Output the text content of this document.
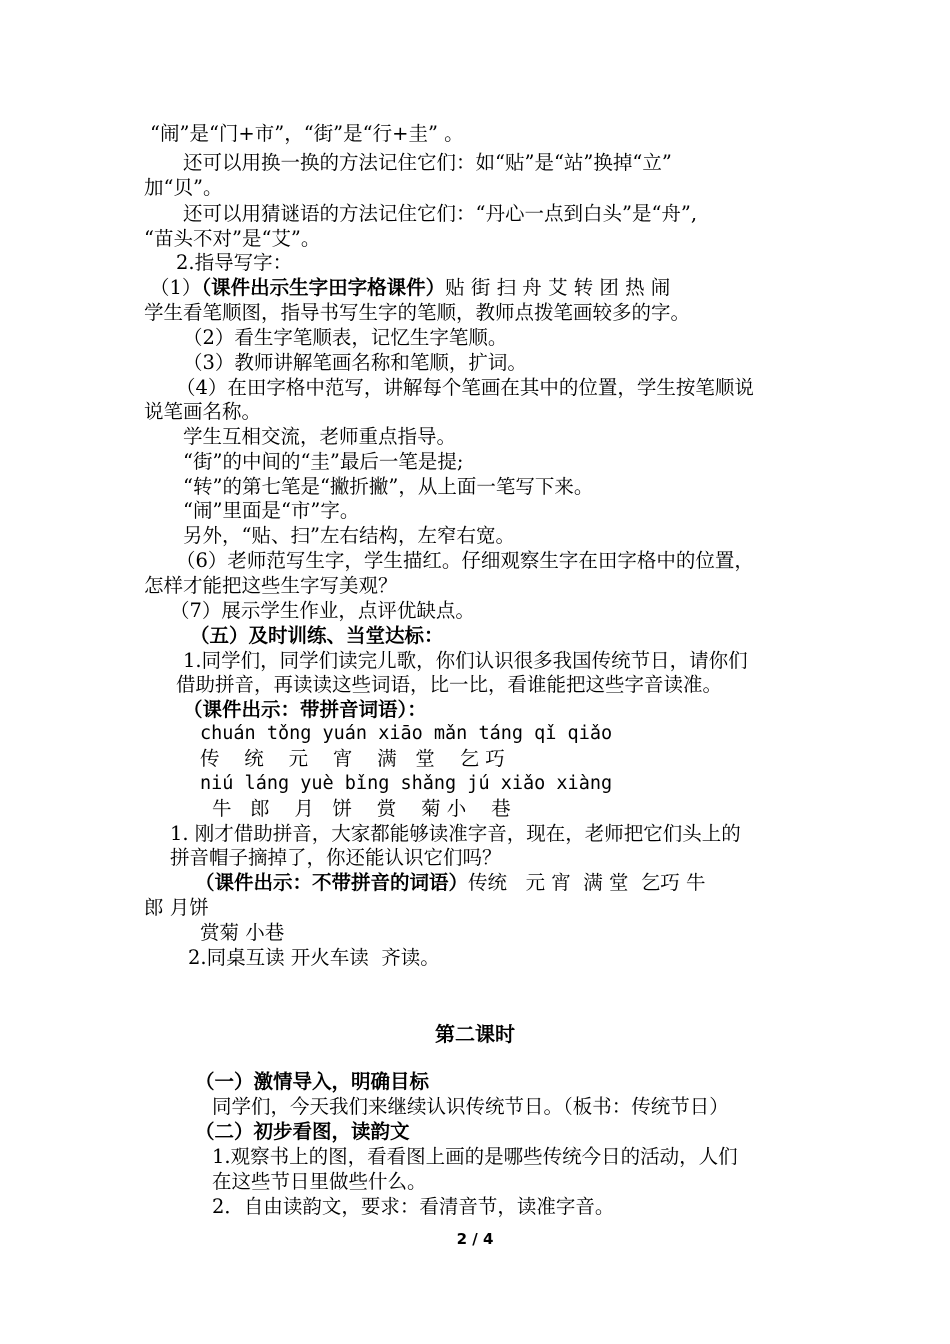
“闹”是“门+市”，“街”是“行+圭” 。
还可以用换一换的方法记住它们：如“贴”是“站”换掉“立”
加“贝”。
还可以用猜谜语的方法记住它们：“丹心一点到白头”是“舟”,
“苗头不对”是“艾”。
2.指导写字：
（1）（课件出示生字田字格课件）贴 街 扫 舟 艾 转 团 热 闹
学生看笔顺图，指导书写生字的笔顺，教师点拨笔画较多的字。
（2）看生字笔顺表，记忆生字笔顺。
（3）教师讲解笔画名称和笔顺，扩词。
（4）在田字格中范写，讲解每个笔画在其中的位置，学生按笔顺说
说笔画名称。
学生互相交流，老师重点指导。
“街”的中间的“圭”最后一笔是提;
“转”的第七笔是“撇折撇”，从上面一笔写下来。
“闹”里面是“市”字。
另外，“贴、扫”左右结构，左窄右宽。
（6）老师范写生字，学生描红。仔细观察生字在田字格中的位置，
怎样才能把这些生字写美观？
（7）展示学生作业，点评优缺点。
（五）及时训练、当堂达标：
1.同学们，同学们读完儿歌，你们认识很多我国传统节日，请你们
借助拼音，再读读这些词语，比一比，看谁能把这些字音读准。
（课件出示：带拼音词语）：
chuán tǒng yuán xiāo mǎn táng qǐ qiǎo
传    统    元    宵    满   堂    乞 巧
niú láng yuè bǐng shǎng jú xiǎo xiàng
牛   郎    月   饼    赏    菊 小    巷
1. 刚才借助拼音，大家都能够读准字音，现在，老师把它们头上的
拼音帽子摘掉了，你还能认识它们吗？
（课件出示：不带拼音的词语）传统   元 宵  满 堂  乞巧 牛
郎 月饼
赏菊 小巷
2.同桌互读 开火车读  齐读。
第二课时
（一）激情导入，明确目标
同学们，今天我们来继续认识传统节日。（板书：传统节日）
（二）初步看图，读韵文
1.观察书上的图，看看图上画的是哪些传统今日的活动，人们
在这些节日里做些什么。
2．自由读韵文，要求：看清音节，读准字音。
2 / 4
